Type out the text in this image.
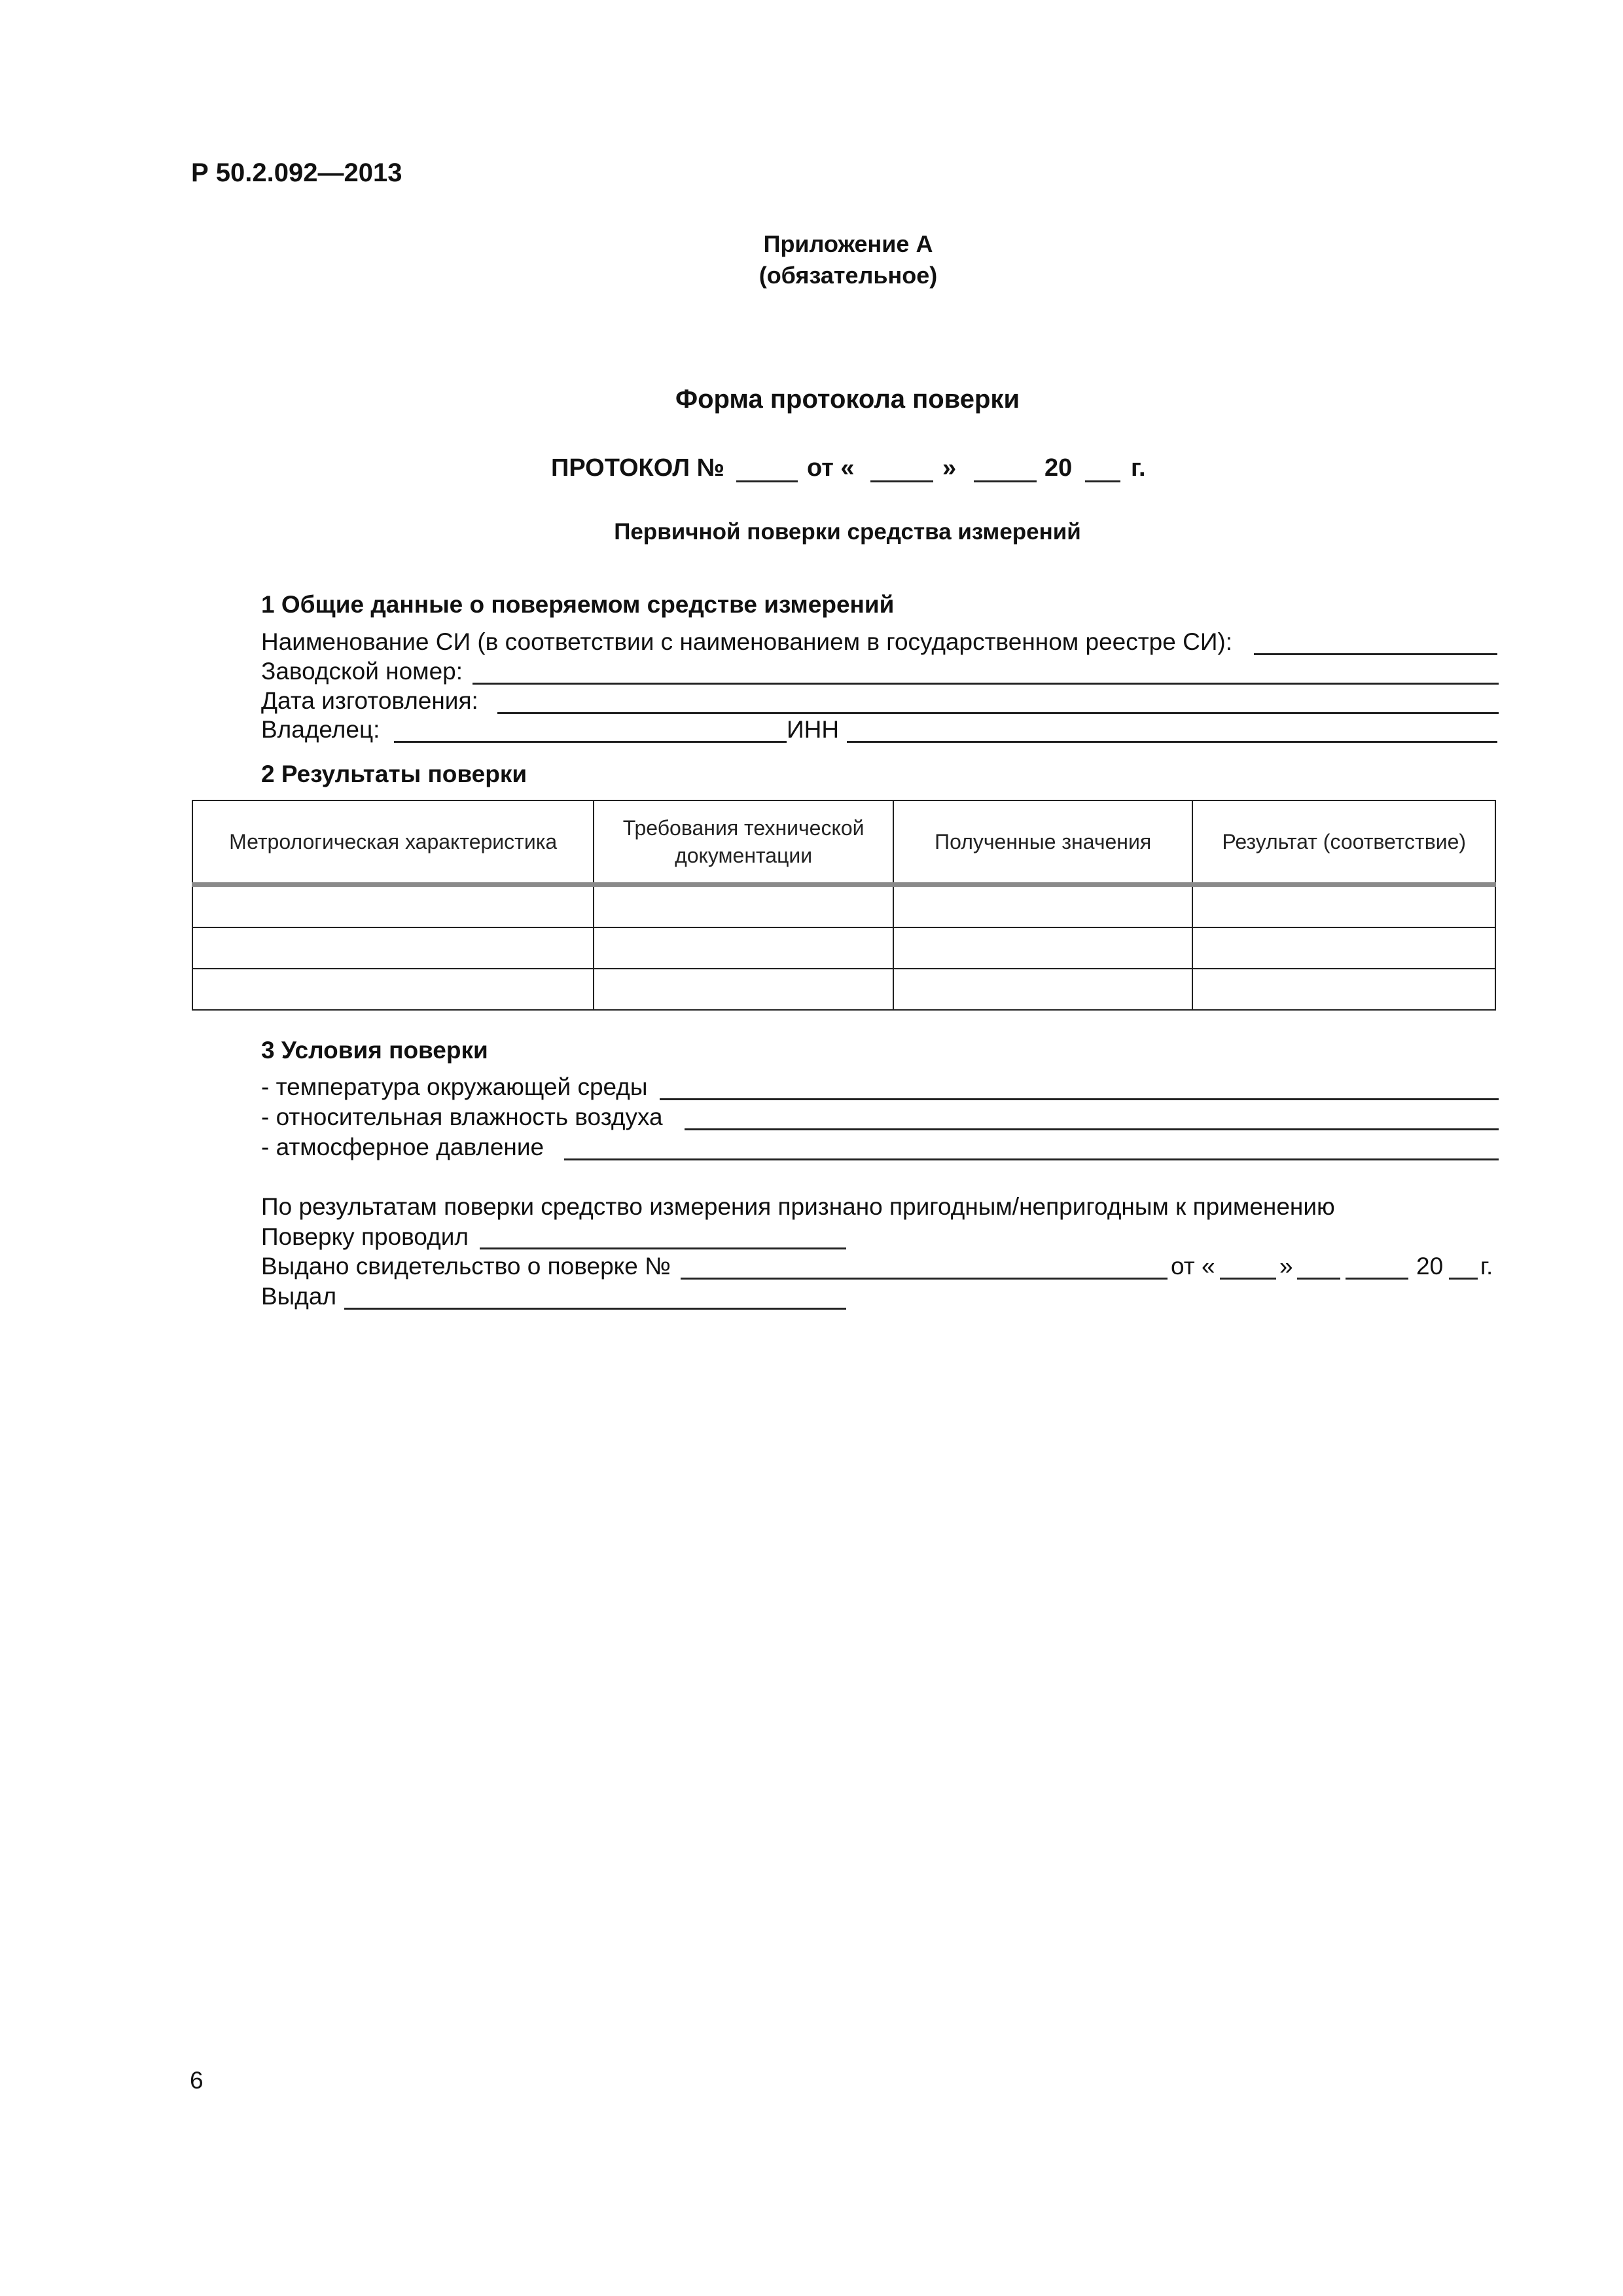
Р 50.2.092—2013
Приложение А
(обязательное)
Форма протокола поверки
ПРОТОКОЛ №	от «	»	20 г.
Первичной поверки средства измерений
1 Общие данные о поверяемом средстве измерений
Наименование СИ (в соответствии с наименованием в государственном реестре СИ):
Заводской номер:
Дата изготовления:
Владелец:	ИНН
2 Результаты поверки
Метрологическая характеристика	Требования технической документации	Полученные значения	Результат (соответствие)

3 Условия поверки
- температура окружающей среды
- относительная влажность воздуха
- атмосферное давление
По результатам поверки средство измерения признано пригодным/непригодным к применению
Поверку проводил
Выдано свидетельство о поверке №	от «	»	20 г.
Выдал
6
